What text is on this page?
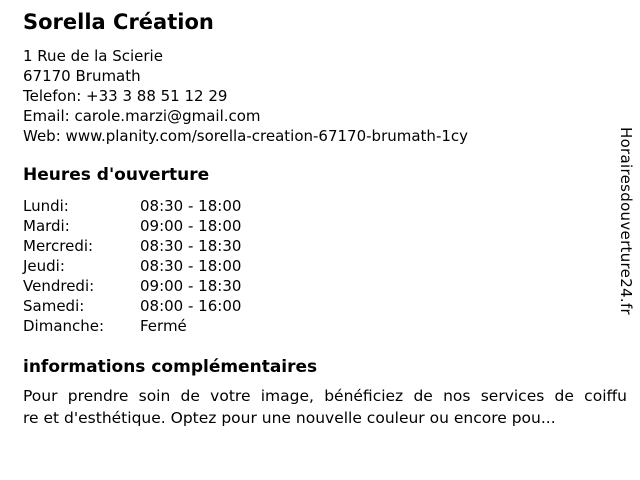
Sorella Création
1 Rue de la Scierie
67170 Brumath
Telefon: +33 3 88 51 12 29
Email: carole.marzi@gmail.com
Web: www.planity.com/sorella-creation-67170-brumath-1cy
Heures d'ouverture
Lundi:	08:30 - 18:00
Mardi:	09:00 - 18:00
Mercredi:	08:30 - 18:30
Jeudi:	08:30 - 18:00
Vendredi:	09:00 - 18:30
Samedi:	08:00 - 16:00
Dimanche:	Fermé
informations complémentaires
Pour prendre soin de votre image, bénéficiez de nos services de coiffu
re et d'esthétique. Optez pour une nouvelle couleur ou encore pou...
Horairesdouverture24.fr
